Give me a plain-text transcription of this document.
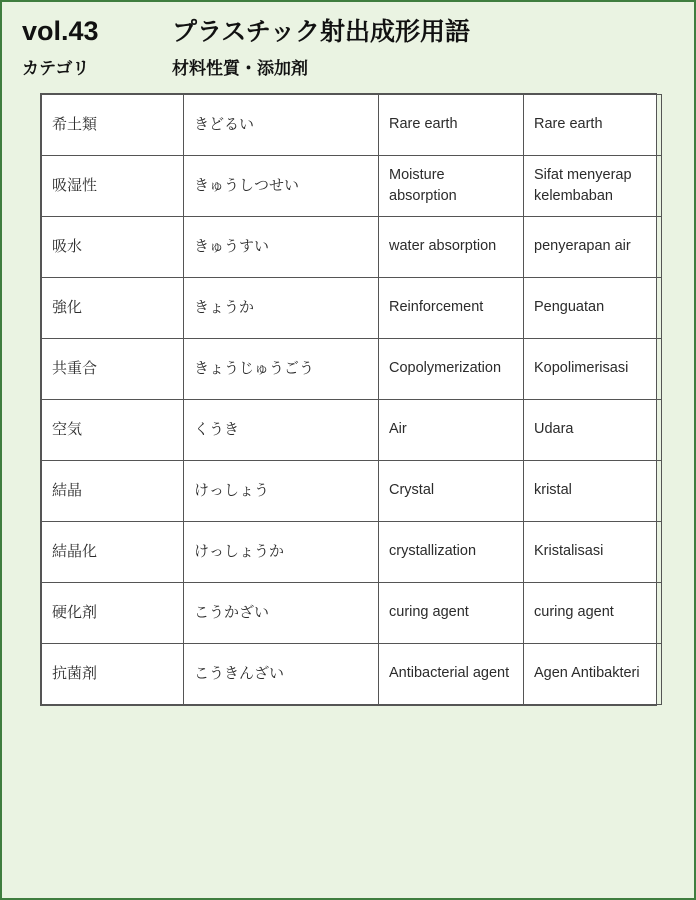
vol.43	プラスチック射出成形用語
カテゴリ	材料性質・添加剤
希土類	きどるい	Rare earth	Rare earth
吸湿性	きゅうしつせい	Moisture absorption	Sifat menyerap kelembaban
吸水	きゅうすい	water absorption	penyerapan air
強化	きょうか	Reinforcement	Penguatan
共重合	きょうじゅうごう	Copolymerization	Kopolimerisasi
空気	くうき	Air	Udara
結晶	けっしょう	Crystal	kristal
結晶化	けっしょうか	crystallization	Kristalisasi
硬化剤	こうかざい	curing agent	curing agent
抗菌剤	こうきんざい	Antibacterial agent	Agen Antibakteri
